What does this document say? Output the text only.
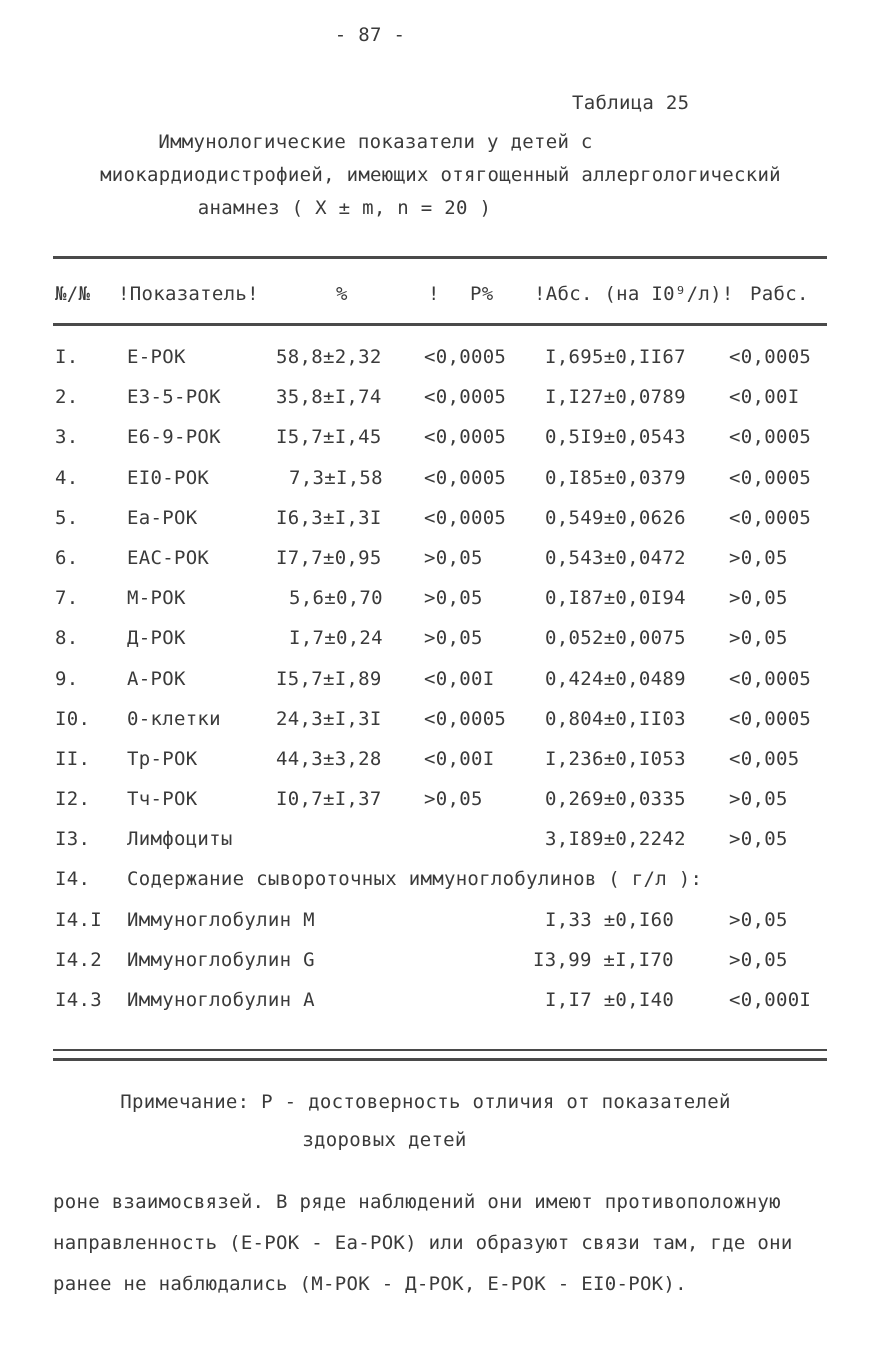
- 87 -
Таблица 25
Иммунологические показатели у детей с
миокардиодистрофией, имеющих отягощенный аллергологический
анамнез ( X ± m, n = 20 )
№/№ !Показатель!	%	! P% !Абс. (на I0⁹/л)! Pабс.
I.	E-РОК	58,8±2,32 <0,0005 I,695±0,II67 <0,0005
2.	E3-5-РОК	35,8±I,74 <0,0005 I,I27±0,0789 <0,00I
3.	E6-9-РОК	I5,7±I,45 <0,0005 0,5I9±0,0543 <0,0005
4.	EI0-РОК	7,3±I,58 <0,0005 0,I85±0,0379 <0,0005
5.	Ea-РОК	I6,3±I,3I <0,0005 0,549±0,0626 <0,0005
6.	EAC-РОК	I7,7±0,95 >0,05	0,543±0,0472 >0,05
7.	M-РОК	5,6±0,70 >0,05	0,I87±0,0I94 >0,05
8.	Д-РОК	I,7±0,24 >0,05	0,052±0,0075 >0,05
9.	A-РОК	I5,7±I,89 <0,00I	0,424±0,0489 <0,0005
I0. 0-клетки	24,3±I,3I <0,0005 0,804±0,II03 <0,0005
II. Tр-РОК	44,3±3,28 <0,00I	I,236±0,I053 <0,005
I2. Tч-РОК	I0,7±I,37 >0,05	0,269±0,0335 >0,05
I3. Лимфоциты	3,I89±0,2242 >0,05
I4. Содержание сывороточных иммуноглобулинов ( г/л ):
I4.I Иммуноглобулин M	I,33 ±0,I60	>0,05
I4.2 Иммуноглобулин G	I3,99 ±I,I70	>0,05
I4.3 Иммуноглобулин A	I,I7 ±0,I40	<0,000I
Примечание: P - достоверность отличия от показателей
здоровых детей
роне взаимосвязей. В ряде наблюдений они имеют противоположную
направленность (E-РОК - Ea-РОК) или образуют связи там, где они
ранее не наблюдались (M-РОК - Д-РОК, E-РОК - EI0-РОК).
